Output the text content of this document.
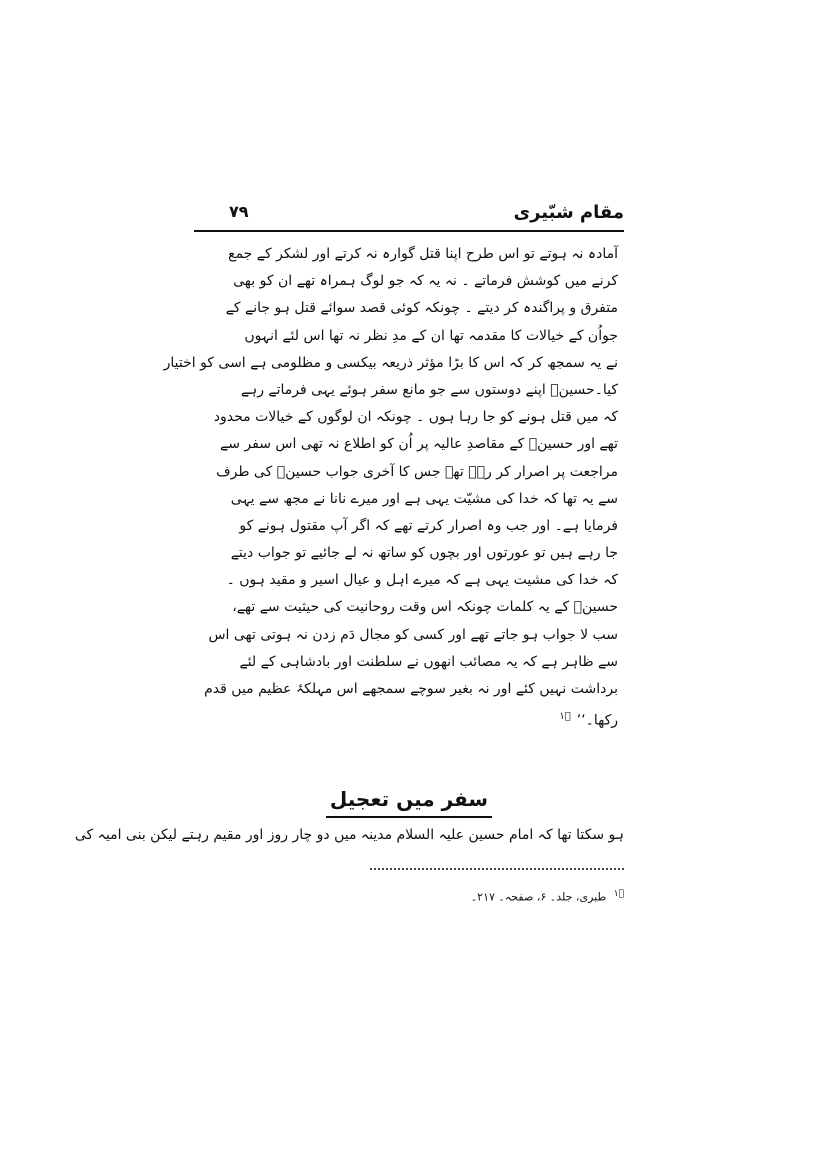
مقام شبّیری
۷۹
آمادہ نہ ہوتے تو اس طرح اپنا قتل گوارہ نہ کرتے اور لشکر کے جمع
کرنے میں کوشش فرماتے ۔ نہ یہ کہ جو لوگ ہمراہ تھے ان کو بھی
متفرق و پراگندہ کر دیتے ۔ چونکہ کوئی قصد سوائے قتل ہو جانے کے
جواُن کے خیالات کا مقدمہ تھا ان کے مدِ نظر نہ تھا اس لئے انہوں
نے یہ سمجھ کر کہ اس کا بڑا مؤثر ذریعہ بیکسی و مظلومی ہے اسی کو اختیار
کیا۔حسینؑ اپنے دوستوں سے جو مانع سفر ہوئے یہی فرماتے رہے
کہ میں قتل ہونے کو جا رہا ہوں ۔ چونکہ ان لوگوں کے خیالات محدود
تھے اور حسینؑ کے مقاصدِ عالیہ پر اُن کو اطلاع نہ تھی اس سفر سے
مراجعت پر اصرار کر رہے تھے جس کا آخری جواب حسینؑ کی طرف
سے یہ تھا کہ خدا کی مشیّت یہی ہے اور میرے نانا نے مجھ سے یہی
فرمایا ہے۔ اور جب وہ اصرار کرتے تھے کہ اگر آپ مقتول ہونے کو
جا رہے ہیں تو عورتوں اور بچوں کو ساتھ نہ لے جائیے تو جواب دیتے
کہ خدا کی مشیت یہی ہے کہ میرے اہل و عیال اسیر و مقید ہوں ۔
حسینؑ کے یہ کلمات چونکہ اس وقت روحانیت کی حیثیت سے تھے،
سب لا جواب ہو جاتے تھے اور کسی کو مجال دَم زدن نہ ہوتی تھی اس
سے ظاہر ہے کہ یہ مصائب انھوں نے سلطنت اور بادشاہی کے لئے
برداشت نہیں کئے اور نہ بغیر سوچے سمجھے اس مہلکۂ عظیم میں قدم
رکھا۔‘‘$^{۱ؔ}$
سفر میں تعجیل
ہو سکتا تھا کہ امام حسین علیہ السلام مدینہ میں دو چار روز اور مقیم رہتے لیکن بنی امیہ کی
$^{۱ؔ}$ طبری، جلد۔ ۶، صفحہ۔ ۲۱۷۔
